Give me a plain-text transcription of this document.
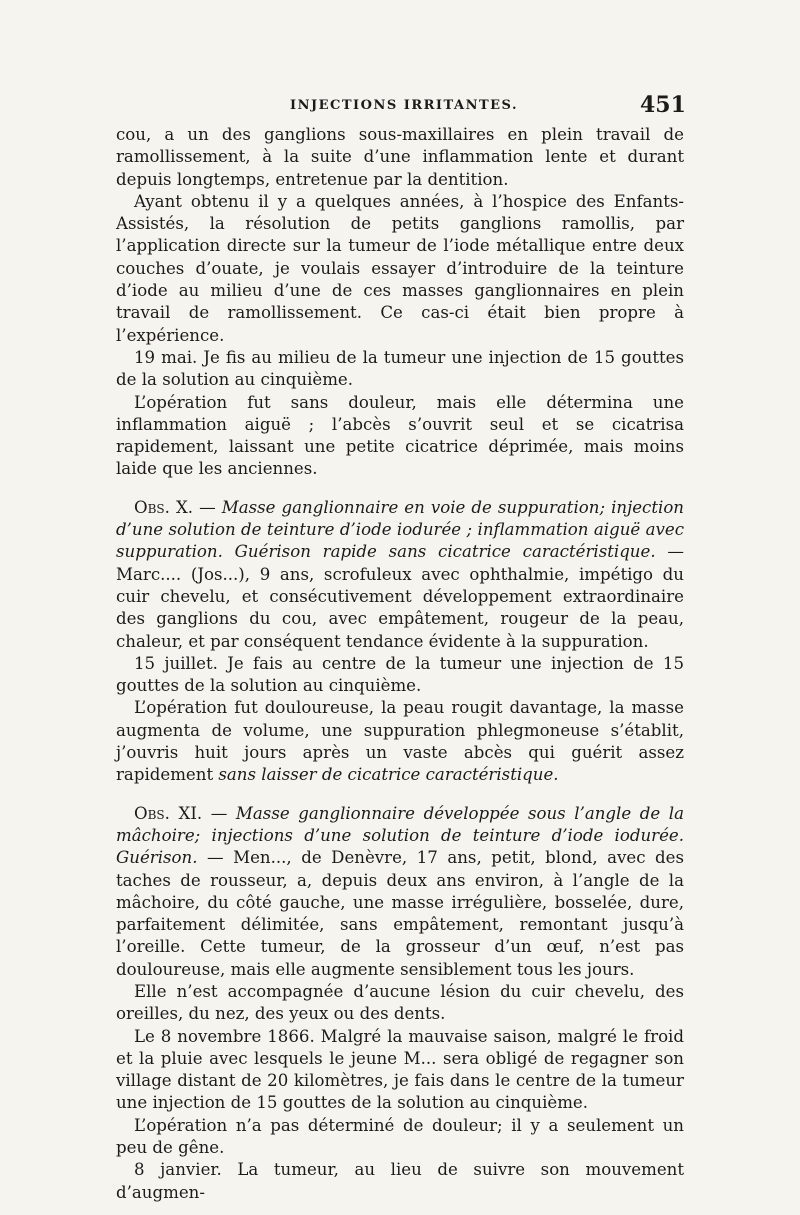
INJECTIONS IRRITANTES.	451

cou, a un des ganglions sous-maxillaires en plein travail de ramollissement, à la suite d’une inflammation lente et durant depuis longtemps, entretenue par la dentition.

Ayant obtenu il y a quelques années, à l’hospice des Enfants-Assistés, la résolution de petits ganglions ramollis, par l’application directe sur la tumeur de l’iode métallique entre deux couches d’ouate, je voulais essayer d’introduire de la teinture d’iode au milieu d’une de ces masses ganglionnaires en plein travail de ramollissement. Ce cas-ci était bien propre à l’expérience.

19 mai. Je fis au milieu de la tumeur une injection de 15 gouttes de la solution au cinquième.

L’opération fut sans douleur, mais elle détermina une inflammation aiguë ; l’abcès s’ouvrit seul et se cicatrisa rapidement, laissant une petite cicatrice déprimée, mais moins laide que les anciennes.

Obs. X. — Masse ganglionnaire en voie de suppuration; injection d’une solution de teinture d’iode iodurée ; inflammation aiguë avec suppuration. Guérison rapide sans cicatrice caractéristique. — Marc.... (Jos...), 9 ans, scrofuleux avec ophthalmie, impétigo du cuir chevelu, et consécutivement développement extraordinaire des ganglions du cou, avec empâtement, rougeur de la peau, chaleur, et par conséquent tendance évidente à la suppuration.

15 juillet. Je fais au centre de la tumeur une injection de 15 gouttes de la solution au cinquième.

L’opération fut douloureuse, la peau rougit davantage, la masse augmenta de volume, une suppuration phlegmoneuse s’établit, j’ouvris huit jours après un vaste abcès qui guérit assez rapidement sans laisser de cicatrice caractéristique.

Obs. XI. — Masse ganglionnaire développée sous l’angle de la mâchoire; injections d’une solution de teinture d’iode iodurée. Guérison. — Men..., de Denèvre, 17 ans, petit, blond, avec des taches de rousseur, a, depuis deux ans environ, à l’angle de la mâchoire, du côté gauche, une masse irrégulière, bosselée, dure, parfaitement délimitée, sans empâtement, remontant jusqu’à l’oreille. Cette tumeur, de la grosseur d’un œuf, n’est pas douloureuse, mais elle augmente sensiblement tous les jours.

Elle n’est accompagnée d’aucune lésion du cuir chevelu, des oreilles, du nez, des yeux ou des dents.

Le 8 novembre 1866. Malgré la mauvaise saison, malgré le froid et la pluie avec lesquels le jeune M... sera obligé de regagner son village distant de 20 kilomètres, je fais dans le centre de la tumeur une injection de 15 gouttes de la solution au cinquième.

L’opération n’a pas déterminé de douleur; il y a seulement un peu de gêne.

8 janvier. La tumeur, au lieu de suivre son mouvement d’augmen-
